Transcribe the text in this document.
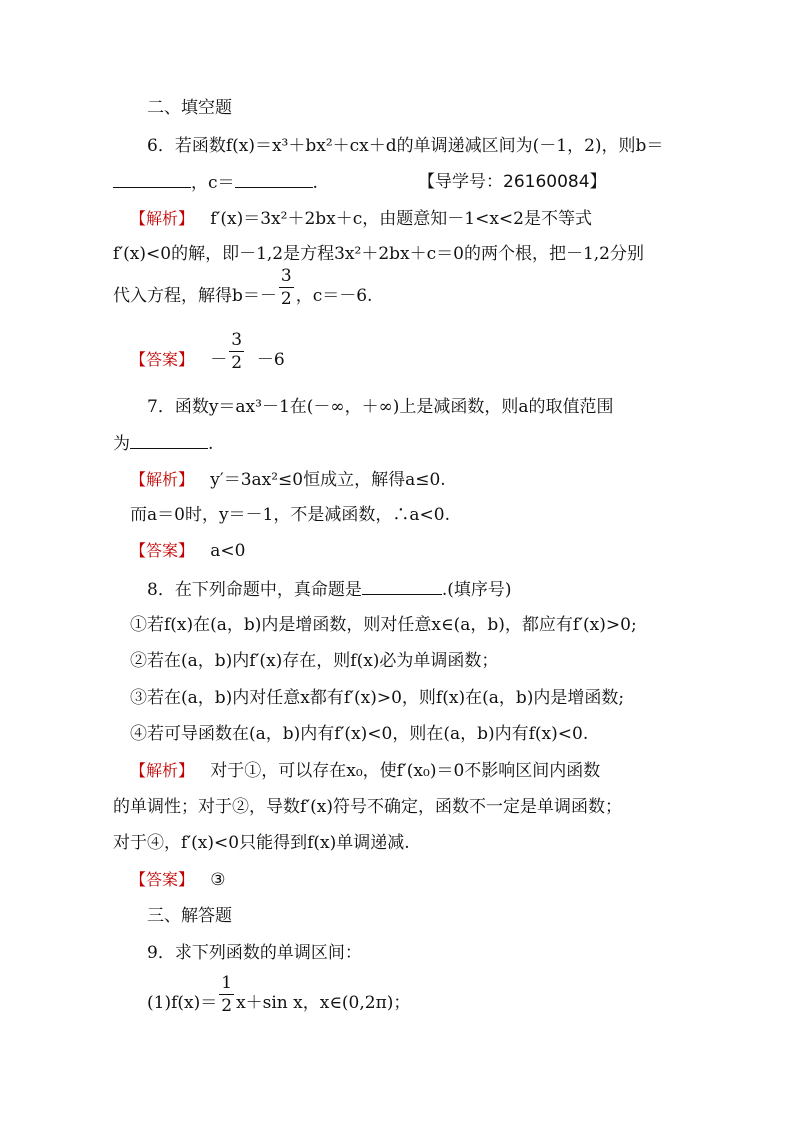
二、填空题
6．若函数f(x)＝x³＋bx²＋cx＋d的单调递减区间为(－1，2)，则b＝
，c＝	.	【导学号：26160084】
【解析】 f′(x)＝3x²＋2bx＋c，由题意知－1<x<2是不等式
f′(x)<0的解，即－1,2是方程3x²＋2bx＋c＝0的两个根，把－1,2分别
代入方程，解得$b=- \frac{3}{2}$ ，c＝－6.
【答案】 － $\frac{3}{2} -6$
7．函数y＝ax³－1在(－∞，＋∞)上是减函数，则a的取值范围
为	.
【解析】 y′＝3ax²≤0恒成立，解得a≤0.
而a＝0时，y＝－1，不是减函数，∴a<0.
【答案】 a<0
8．在下列命题中，真命题是	.(填序号)
①若f(x)在(a，b)内是增函数，则对任意x∈(a，b)，都应有f′(x)>0;
②若在(a，b)内f′(x)存在，则f(x)必为单调函数；
③若在(a，b)内对任意x都有f′(x)>0，则f(x)在(a，b)内是增函数;
④若可导函数在(a，b)内有f′(x)<0，则在(a，b)内有f(x)<0.
【解析】 对于①，可以存在x₀，使f′(x₀)＝0不影响区间内函数
的单调性；对于②，导数f′(x)符号不确定，函数不一定是单调函数；
对于④，f′(x)<0只能得到f(x)单调递减.
【答案】 ③
三、解答题
9．求下列函数的单调区间：
$(1)f(x)= \frac{1}{2} x+\sin$ x，x∈(0,2π)；
